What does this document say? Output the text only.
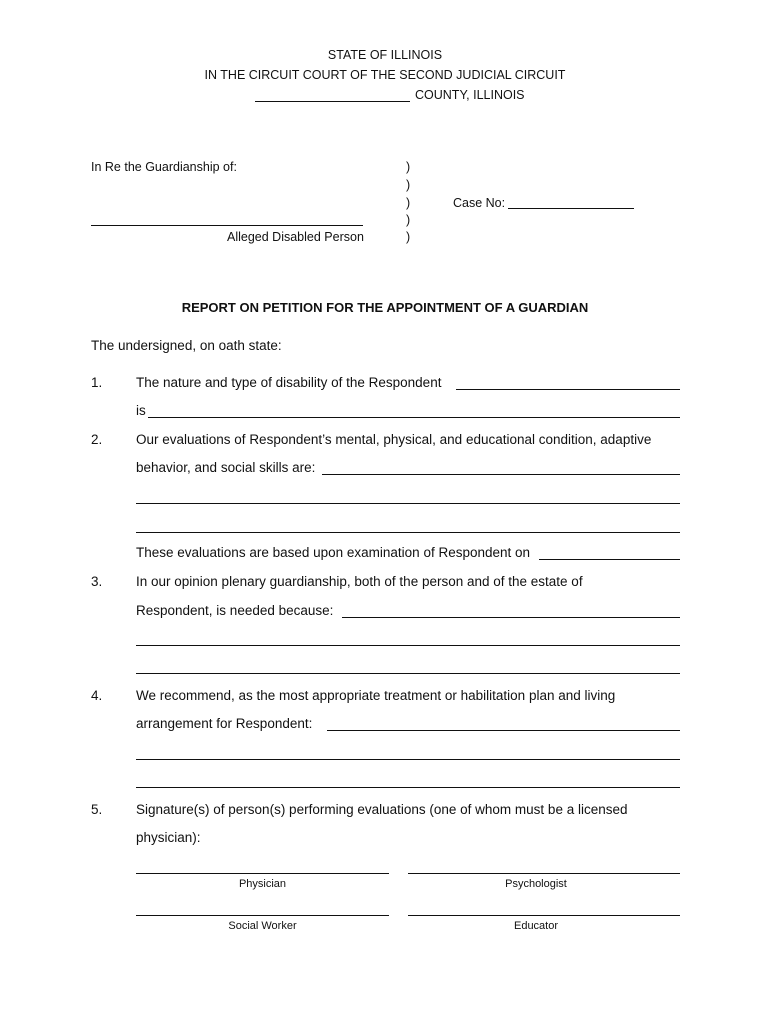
STATE OF ILLINOIS
IN THE CIRCUIT COURT OF THE SECOND JUDICIAL CIRCUIT
COUNTY, ILLINOIS
In Re the Guardianship of:
Alleged Disabled Person
)
)
)
)
)
Case No:
REPORT ON PETITION FOR THE APPOINTMENT OF A GUARDIAN
The undersigned, on oath state:
1. The nature and type of disability of the Respondent
is
2. Our evaluations of Respondent’s mental, physical, and educational condition, adaptive
behavior, and social skills are:
These evaluations are based upon examination of Respondent on
3. In our opinion plenary guardianship, both of the person and of the estate of
Respondent, is needed because:
4. We recommend, as the most appropriate treatment or habilitation plan and living
arrangement for Respondent:
5. Signature(s) of person(s) performing evaluations (one of whom must be a licensed
physician):
Physician	Psychologist
Social Worker	Educator
